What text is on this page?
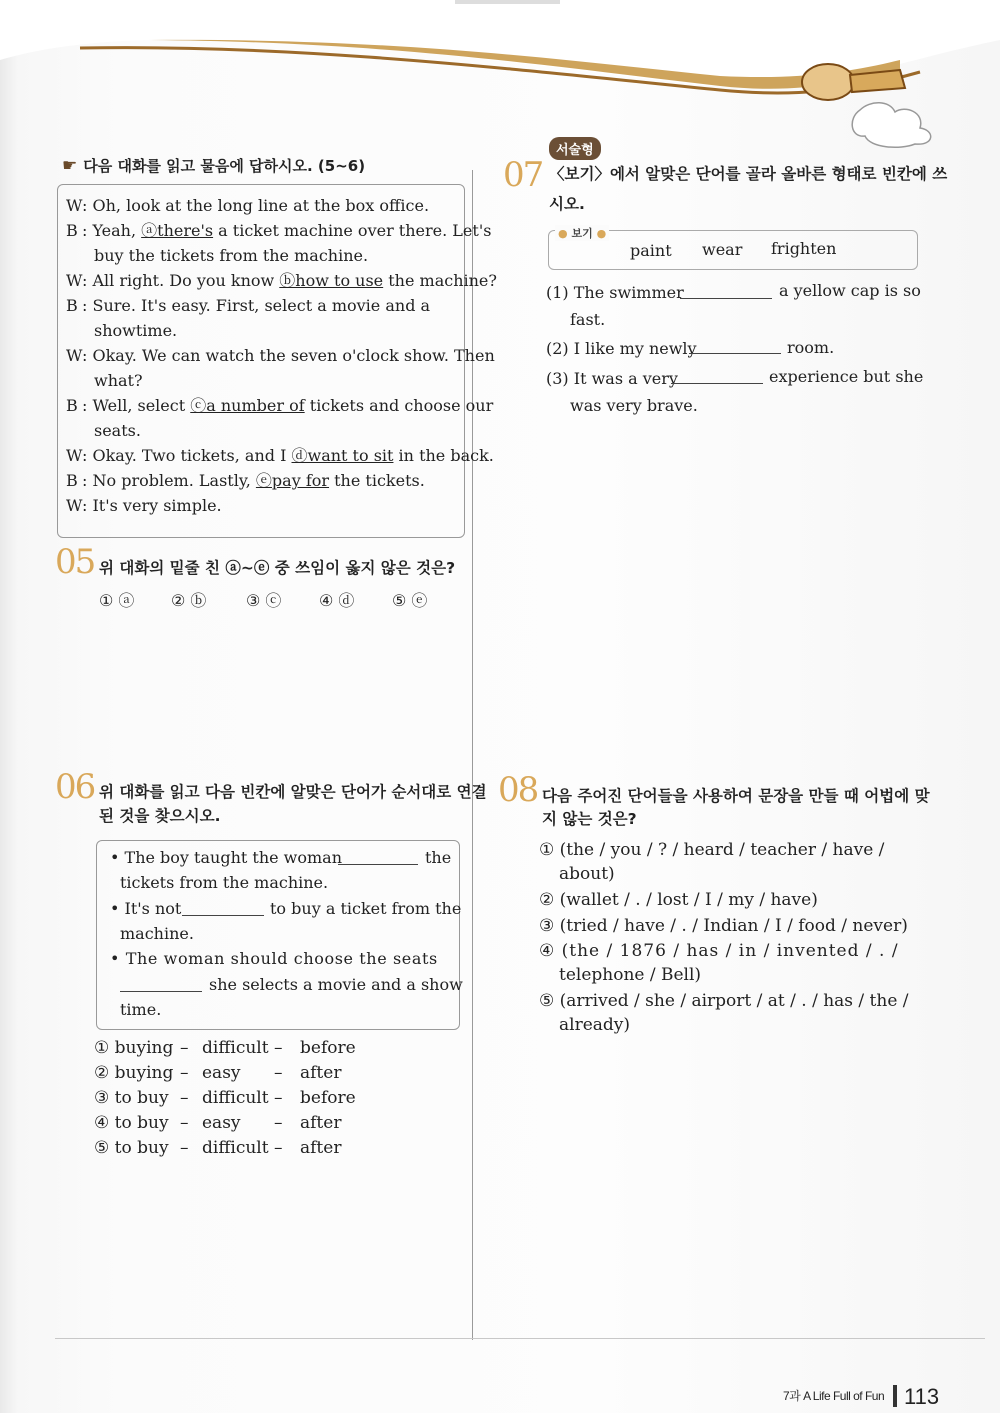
☛ 다음 대화를 읽고 물음에 답하시오. (5~6)
W: Oh, look at the long line at the box office.
B : Yeah, ⓐthere's a ticket machine over there. Let's
buy the tickets from the machine.
W: All right. Do you know ⓑhow to use the machine?
B : Sure. It's easy. First, select a movie and a
showtime.
W: Okay. We can watch the seven o'clock show. Then
what?
B : Well, select ⓒa number of tickets and choose our
seats.
W: Okay. Two tickets, and I ⓓwant to sit in the back.
B : No problem. Lastly, ⓔpay for the tickets.
W: It's very simple.
05 위 대화의 밑줄 친 ⓐ~ⓔ 중 쓰임이 옳지 않은 것은?
① ⓐ ② ⓑ ③ ⓒ ④ ⓓ ⑤ ⓔ
06 위 대화를 읽고 다음 빈칸에 알맞은 단어가 순서대로 연결
된 것을 찾으시오.
• The boy taught the woman	the
tickets from the machine.
• It's not	to buy a ticket from the
machine.
• The woman should choose the seats
she selects a movie and a show
time.
① buying – difficult – before
② buying – easy – after
③ to buy – difficult – before
④ to buy – easy – after
⑤ to buy – difficult – after
서술형
07 〈보기〉에서 알맞은 단어를 골라 올바른 형태로 빈칸에 쓰
시오.
● 보기 ●
paint wear frighten
(1) The swimmer	a yellow cap is so
fast.
(2) I like my newly	room.
(3) It was a very	experience but she
was very brave.
08 다음 주어진 단어들을 사용하여 문장을 만들 때 어법에 맞
지 않는 것은?
① (the / you / ? / heard / teacher / have /
about)
② (wallet / . / lost / I / my / have)
③ (tried / have / . / Indian / I / food / never)
④ (the / 1876 / has / in / invented / . /
telephone / Bell)
⑤ (arrived / she / airport / at / . / has / the /
already)
7과 A Life Full of Fun 113
